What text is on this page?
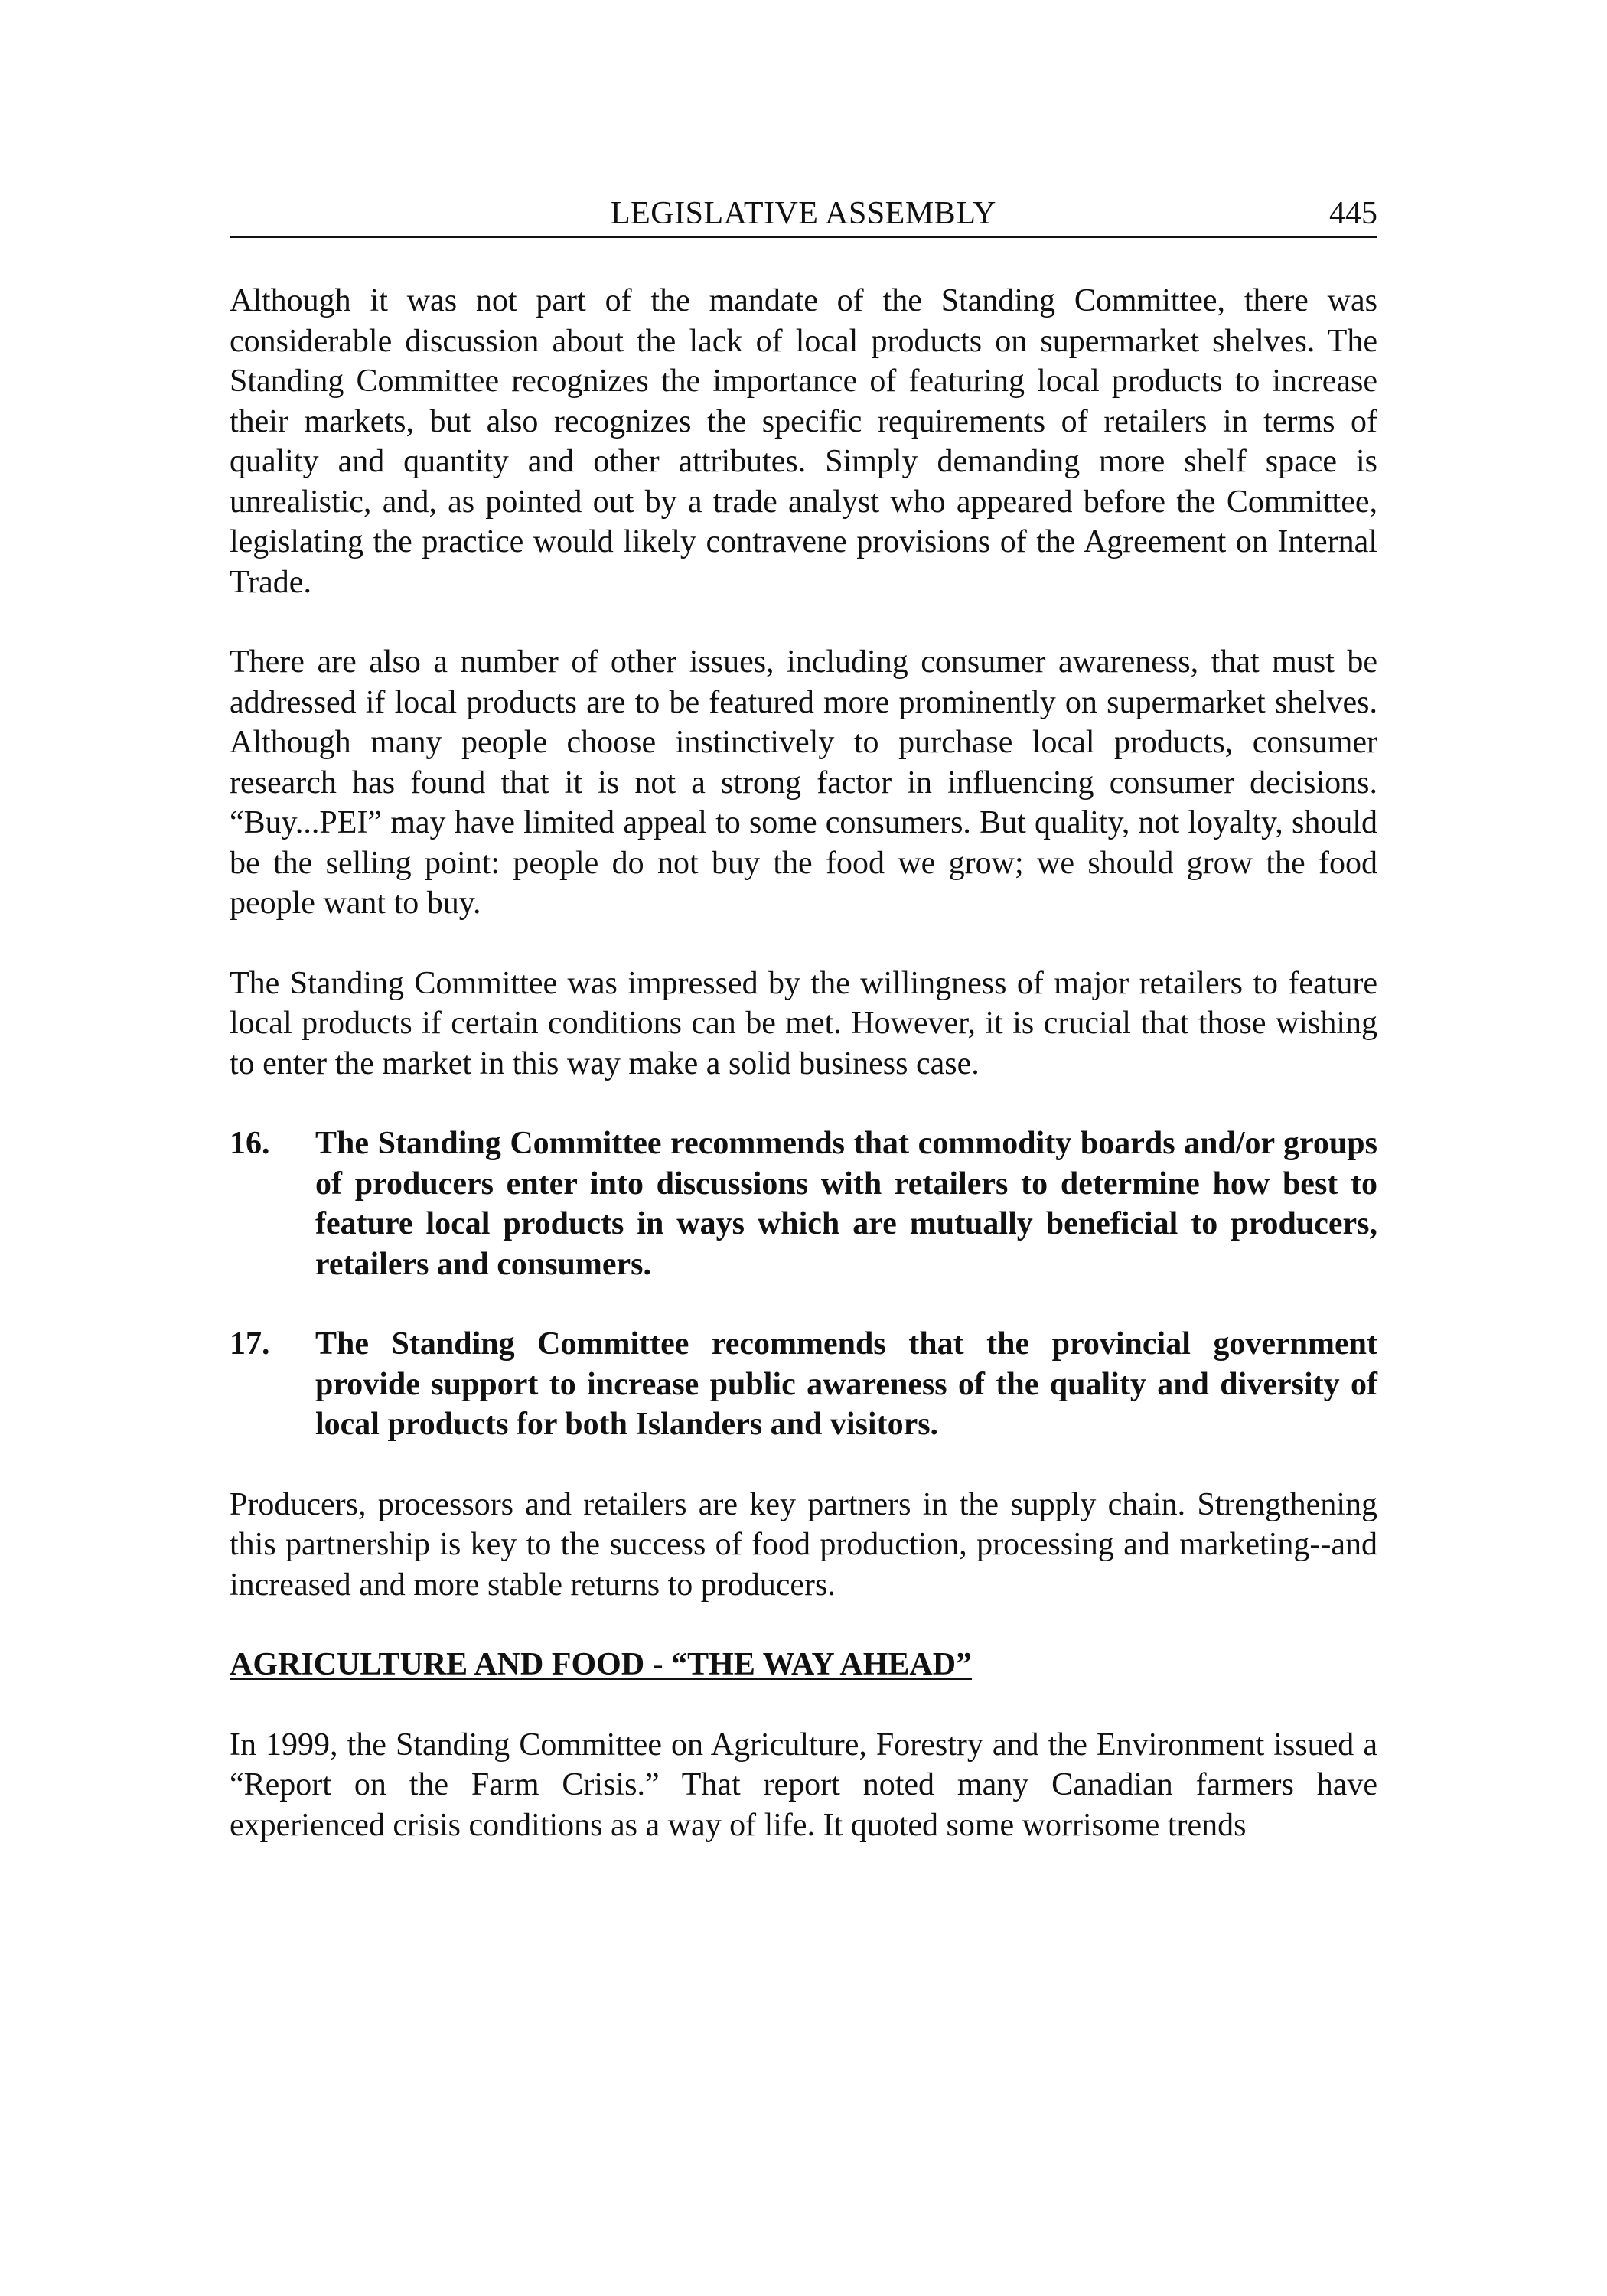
LEGISLATIVE ASSEMBLY	445

Although it was not part of the mandate of the Standing Committee, there was considerable discussion about the lack of local products on supermarket shelves. The Standing Committee recognizes the importance of featuring local products to increase their markets, but also recognizes the specific requirements of retailers in terms of quality and quantity and other attributes. Simply demanding more shelf space is unrealistic, and, as pointed out by a trade analyst who appeared before the Committee, legislating the practice would likely contravene provisions of the Agreement on Internal Trade.

There are also a number of other issues, including consumer awareness, that must be addressed if local products are to be featured more prominently on supermarket shelves. Although many people choose instinctively to purchase local products, consumer research has found that it is not a strong factor in influencing consumer decisions. “Buy...PEI” may have limited appeal to some consumers. But quality, not loyalty, should be the selling point: people do not buy the food we grow; we should grow the food people want to buy.

The Standing Committee was impressed by the willingness of major retailers to feature local products if certain conditions can be met. However, it is crucial that those wishing to enter the market in this way make a solid business case.

16.	The Standing Committee recommends that commodity boards and/or groups of producers enter into discussions with retailers to determine how best to feature local products in ways which are mutually beneficial to producers, retailers and consumers.
17.	The Standing Committee recommends that the provincial government provide support to increase public awareness of the quality and diversity of local products for both Islanders and visitors.

Producers, processors and retailers are key partners in the supply chain. Strengthening this partnership is key to the success of food production, processing and marketing--and increased and more stable returns to producers.

AGRICULTURE AND FOOD - “THE WAY AHEAD”

In 1999, the Standing Committee on Agriculture, Forestry and the Environment issued a “Report on the Farm Crisis.” That report noted many Canadian farmers have experienced crisis conditions as a way of life. It quoted some worrisome trends
